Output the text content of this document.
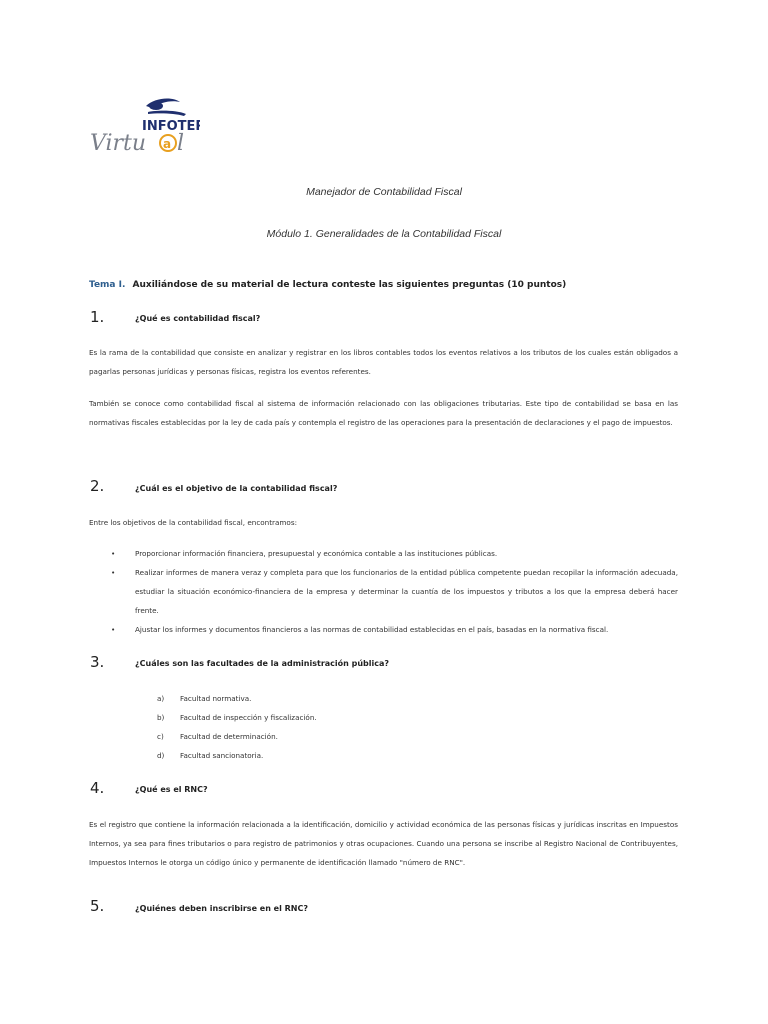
INFOTEP
Virtu a l
Manejador de Contabilidad Fiscal
Módulo 1. Generalidades de la Contabilidad Fiscal
Tema I. Auxiliándose de su material de lectura conteste las siguientes preguntas (10 puntos)
1.	¿Qué es contabilidad fiscal?
Es la rama de la contabilidad que consiste en analizar y registrar en los libros contables todos los eventos relativos a los tributos de los cuales están obligados a pagarlas personas jurídicas y personas físicas, registra los eventos referentes.
También se conoce como contabilidad fiscal al sistema de información relacionado con las obligaciones tributarias. Este tipo de contabilidad se basa en las normativas fiscales establecidas por la ley de cada país y contempla el registro de las operaciones para la presentación de declaraciones y el pago de impuestos.
2.	¿Cuál es el objetivo de la contabilidad fiscal?
Entre los objetivos de la contabilidad fiscal, encontramos:
•	Proporcionar información financiera, presupuestal y económica contable a las instituciones públicas.
•	Realizar informes de manera veraz y completa para que los funcionarios de la entidad pública competente puedan recopilar la información adecuada, estudiar la situación económico-financiera de la empresa y determinar la cuantía de los impuestos y tributos a los que la empresa deberá hacer frente.
•	Ajustar los informes y documentos financieros a las normas de contabilidad establecidas en el país, basadas en la normativa fiscal.
3.	¿Cuáles son las facultades de la administración pública?
a) Facultad normativa.
b) Facultad de inspección y fiscalización.
c) Facultad de determinación.
d) Facultad sancionatoria.
4.	¿Qué es el RNC?
Es el registro que contiene la información relacionada a la identificación, domicilio y actividad económica de las personas físicas y jurídicas inscritas en Impuestos Internos, ya sea para fines tributarios o para registro de patrimonios y otras ocupaciones. Cuando una persona se inscribe al Registro Nacional de Contribuyentes, Impuestos Internos le otorga un código único y permanente de identificación llamado "número de RNC".
5.	¿Quiénes deben inscribirse en el RNC?
